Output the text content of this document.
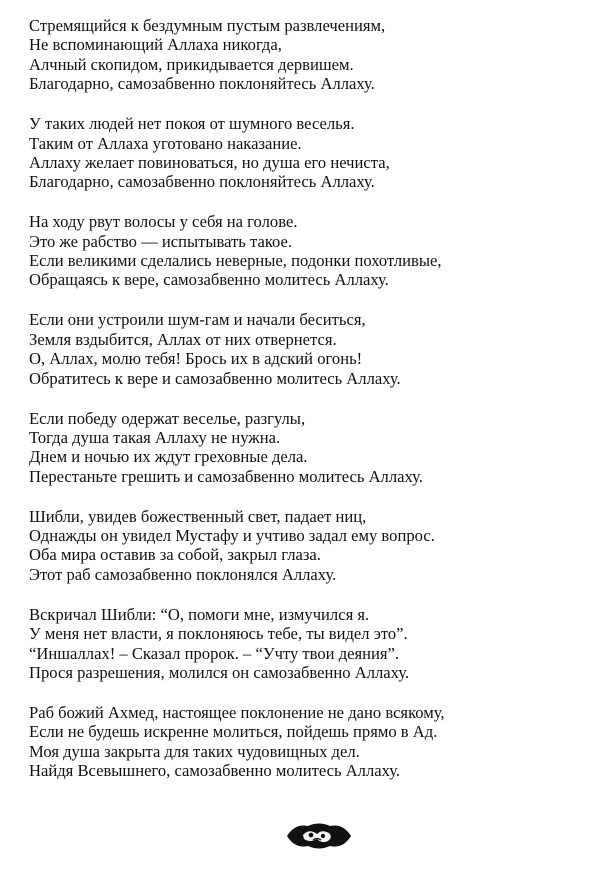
Стремящийся к бездумным пустым развлечениям,
Не вспоминающий Аллаха никогда,
Алчный скопидом, прикидывается дервишем.
Благодарно, самозабвенно поклоняйтесь Аллаху.
У таких людей нет покоя от шумного веселья.
Таким от Аллаха уготовано наказание.
Аллаху желает повиноваться, но душа его нечиста,
Благодарно, самозабвенно поклоняйтесь Аллаху.
На ходу рвут волосы у себя на голове.
Это же рабство — испытывать такое.
Если великими сделались неверные, подонки похотливые,
Обращаясь к вере, самозабвенно молитесь Аллаху.
Если они устроили шум-гам и начали беситься,
Земля вздыбится, Аллах от них отвернется.
О, Аллах, молю тебя! Брось их в адский огонь!
Обратитесь к вере и самозабвенно молитесь Аллаху.
Если победу одержат веселье, разгулы,
Тогда душа такая Аллаху не нужна.
Днем и ночью их ждут греховные дела.
Перестаньте грешить и самозабвенно молитесь Аллаху.
Шибли, увидев божественный свет, падает ниц,
Однажды он увидел Мустафу и учтиво задал ему вопрос.
Оба мира оставив за собой, закрыл глаза.
Этот раб самозабвенно поклонялся Аллаху.
Вскричал Шибли: “О, помоги мне, измучился я.
У меня нет власти, я поклоняюсь тебе, ты видел это”.
“Иншаллах! – Сказал пророк. – “Учту твои деяния”.
Прося разрешения, молился он самозабвенно Аллаху.
Раб божий Ахмед, настоящее поклонение не дано всякому,
Если не будешь искренне молиться, пойдешь прямо в Ад.
Моя душа закрыта для таких чудовищных дел.
Найдя Всевышнего, самозабвенно молитесь Аллаху.
